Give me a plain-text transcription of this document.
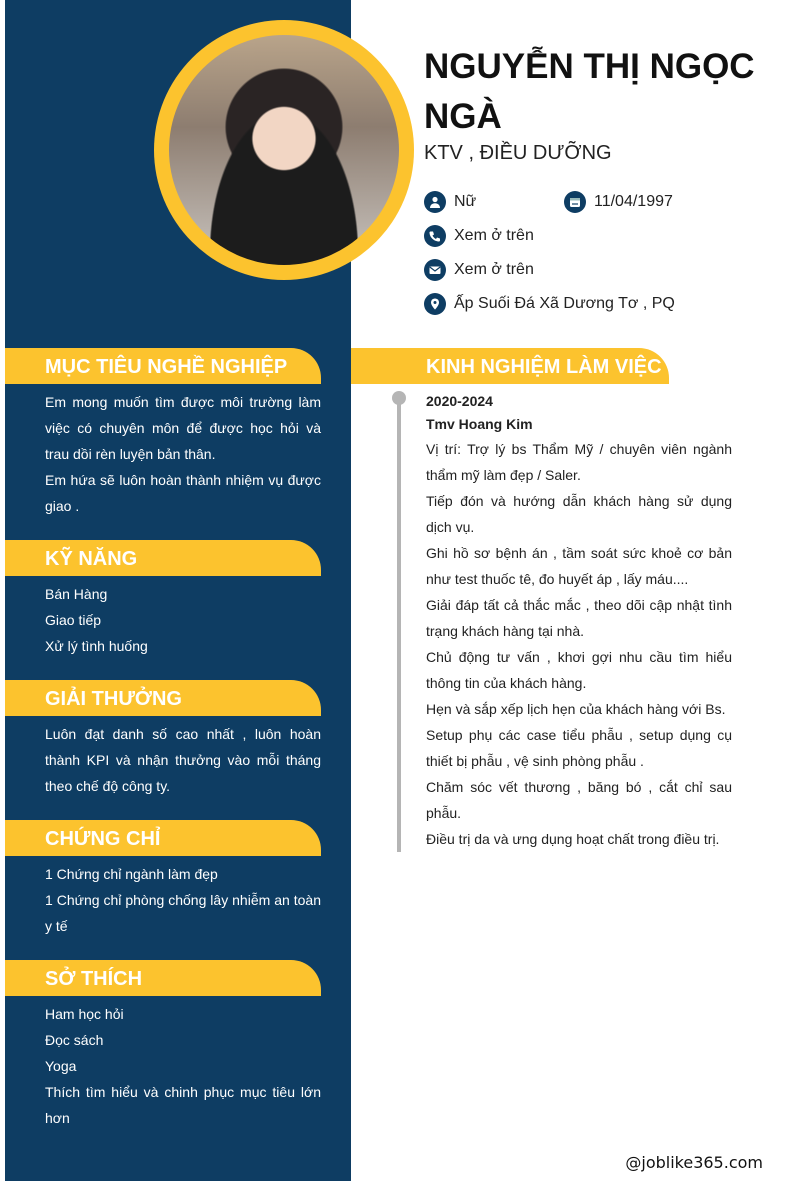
NGUYỄN THỊ NGỌC NGÀ
KTV , ĐIỀU DƯỠNG
Nữ	11/04/1997
Xem ở trên
Xem ở trên
Ấp Suối Đá Xã Dương Tơ , PQ
MỤC TIÊU NGHỀ NGHIỆP

Em mong muốn tìm được môi trường làm việc có chuyên môn để được học hỏi và trau dồi rèn luyện bản thân.

Em hứa sẽ luôn hoàn thành nhiệm vụ được giao .

KỸ NĂNG

Bán Hàng

Giao tiếp

Xử lý tình huống

GIẢI THƯỞNG

Luôn đạt danh số cao nhất , luôn hoàn thành KPI và nhận thưởng vào mỗi tháng theo chế độ công ty.

CHỨNG CHỈ

1 Chứng chỉ ngành làm đẹp

1 Chứng chỉ phòng chống lây nhiễm an toàn y tế

SỞ THÍCH

Ham học hỏi

Đọc sách

Yoga

Thích tìm hiểu và chinh phục mục tiêu lớn hơn

KINH NGHIỆM LÀM VIỆC
2020-2024
Tmv Hoang Kim

Vị trí: Trợ lý bs Thẩm Mỹ / chuyên viên ngành thẩm mỹ làm đẹp / Saler.

Tiếp đón và hướng dẫn khách hàng sử dụng dịch vụ.

Ghi hồ sơ bệnh án , tầm soát sức khoẻ cơ bản như test thuốc tê, đo huyết áp , lấy máu....

Giải đáp tất cả thắc mắc , theo dõi cập nhật tình trạng khách hàng tại nhà.

Chủ động tư vấn , khơi gợi nhu cầu tìm hiểu thông tin của khách hàng.

Hẹn và sắp xếp lịch hẹn của khách hàng với Bs.

Setup phụ các case tiểu phẫu , setup dụng cụ thiết bị phẫu , vệ sinh phòng phẫu .

Chăm sóc vết thương , băng bó , cắt chỉ sau phẫu.

Điều trị da và ưng dụng hoạt chất trong điều trị.

@joblike365.com
